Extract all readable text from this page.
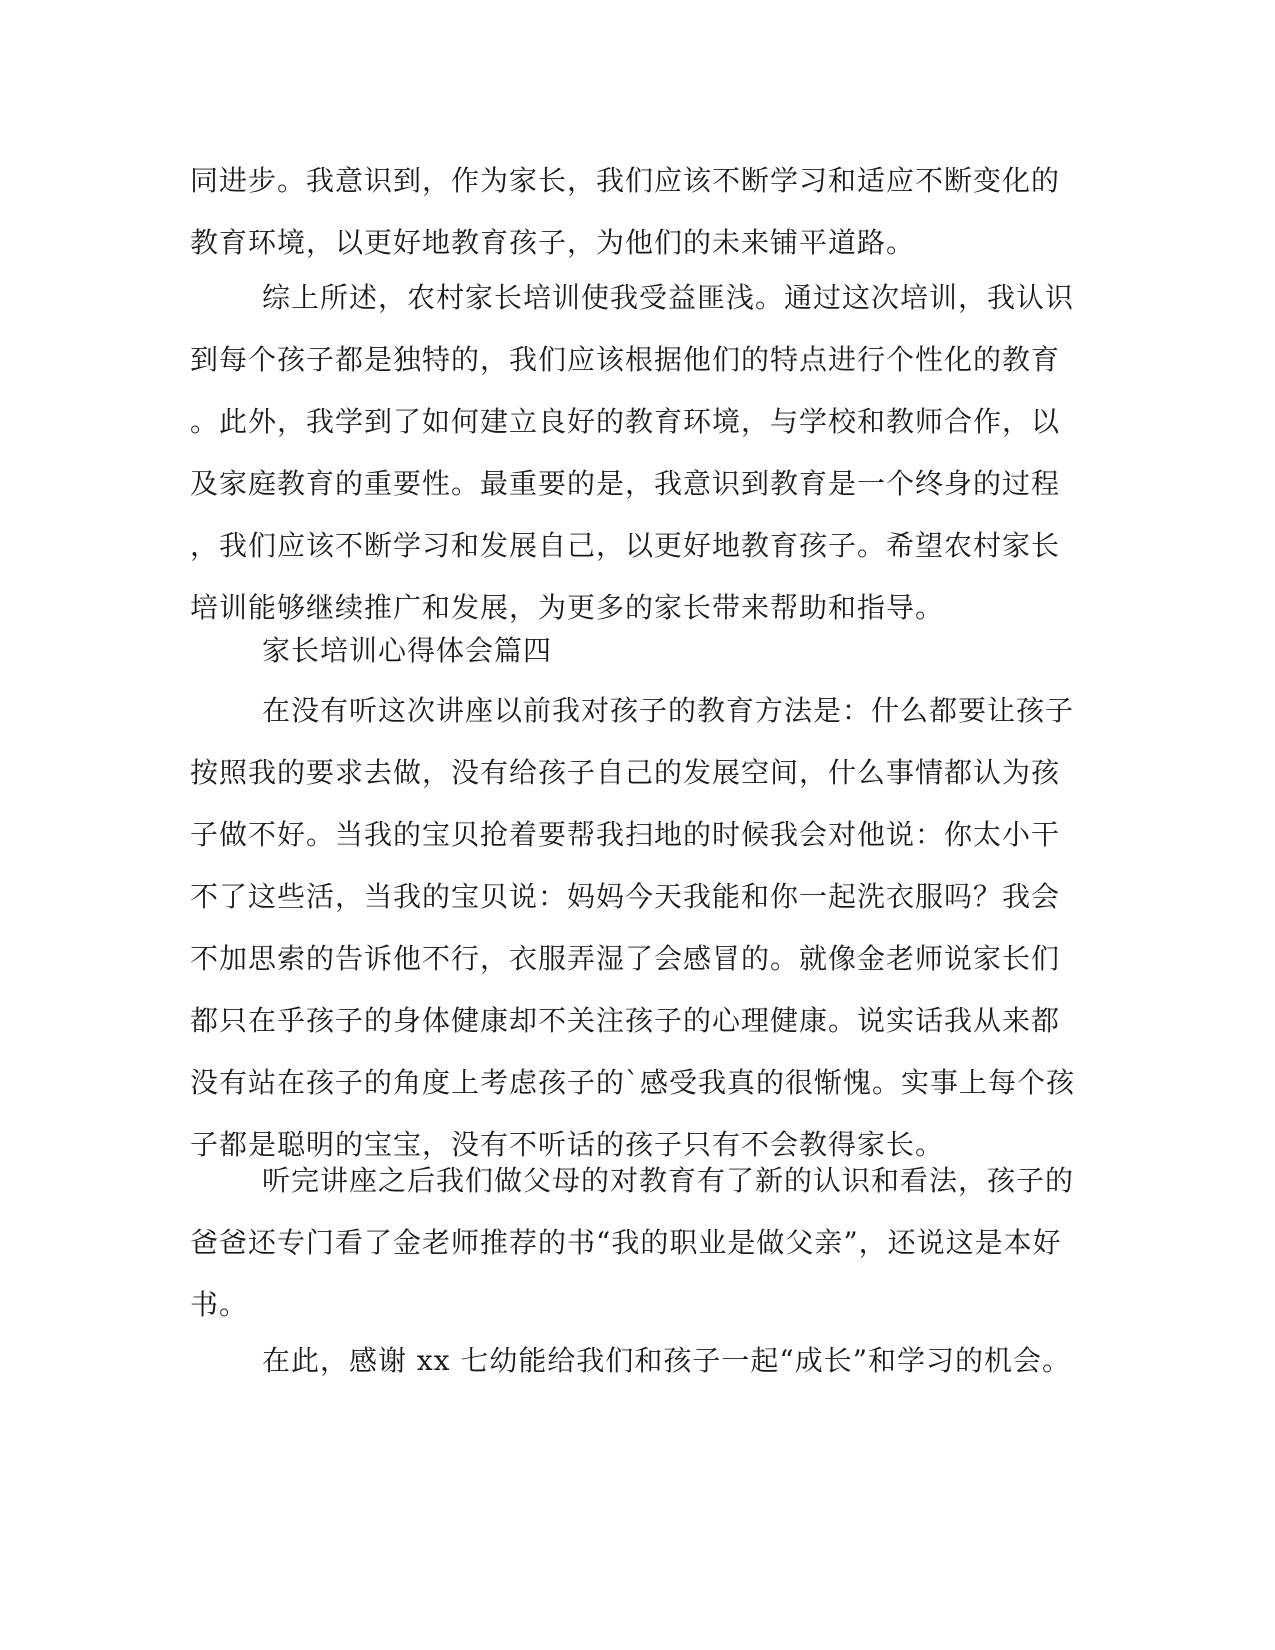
同进步。我意识到，作为家长，我们应该不断学习和适应不断变化的
教育环境，以更好地教育孩子，为他们的未来铺平道路。
综上所述，农村家长培训使我受益匪浅。通过这次培训，我认识
到每个孩子都是独特的，我们应该根据他们的特点进行个性化的教育
。此外，我学到了如何建立良好的教育环境，与学校和教师合作，以
及家庭教育的重要性。最重要的是，我意识到教育是一个终身的过程
，我们应该不断学习和发展自己，以更好地教育孩子。希望农村家长
培训能够继续推广和发展，为更多的家长带来帮助和指导。
家长培训心得体会篇四
在没有听这次讲座以前我对孩子的教育方法是：什么都要让孩子
按照我的要求去做，没有给孩子自己的发展空间，什么事情都认为孩
子做不好。当我的宝贝抢着要帮我扫地的时候我会对他说：你太小干
不了这些活，当我的宝贝说：妈妈今天我能和你一起洗衣服吗？我会
不加思索的告诉他不行，衣服弄湿了会感冒的。就像金老师说家长们
都只在乎孩子的身体健康却不关注孩子的心理健康。说实话我从来都
没有站在孩子的角度上考虑孩子的`感受我真的很惭愧。实事上每个孩
子都是聪明的宝宝，没有不听话的孩子只有不会教得家长。
听完讲座之后我们做父母的对教育有了新的认识和看法，孩子的
爸爸还专门看了金老师推荐的书“我的职业是做父亲”，还说这是本好
书。
在此，感谢 xx 七幼能给我们和孩子一起“成长”和学习的机会。
